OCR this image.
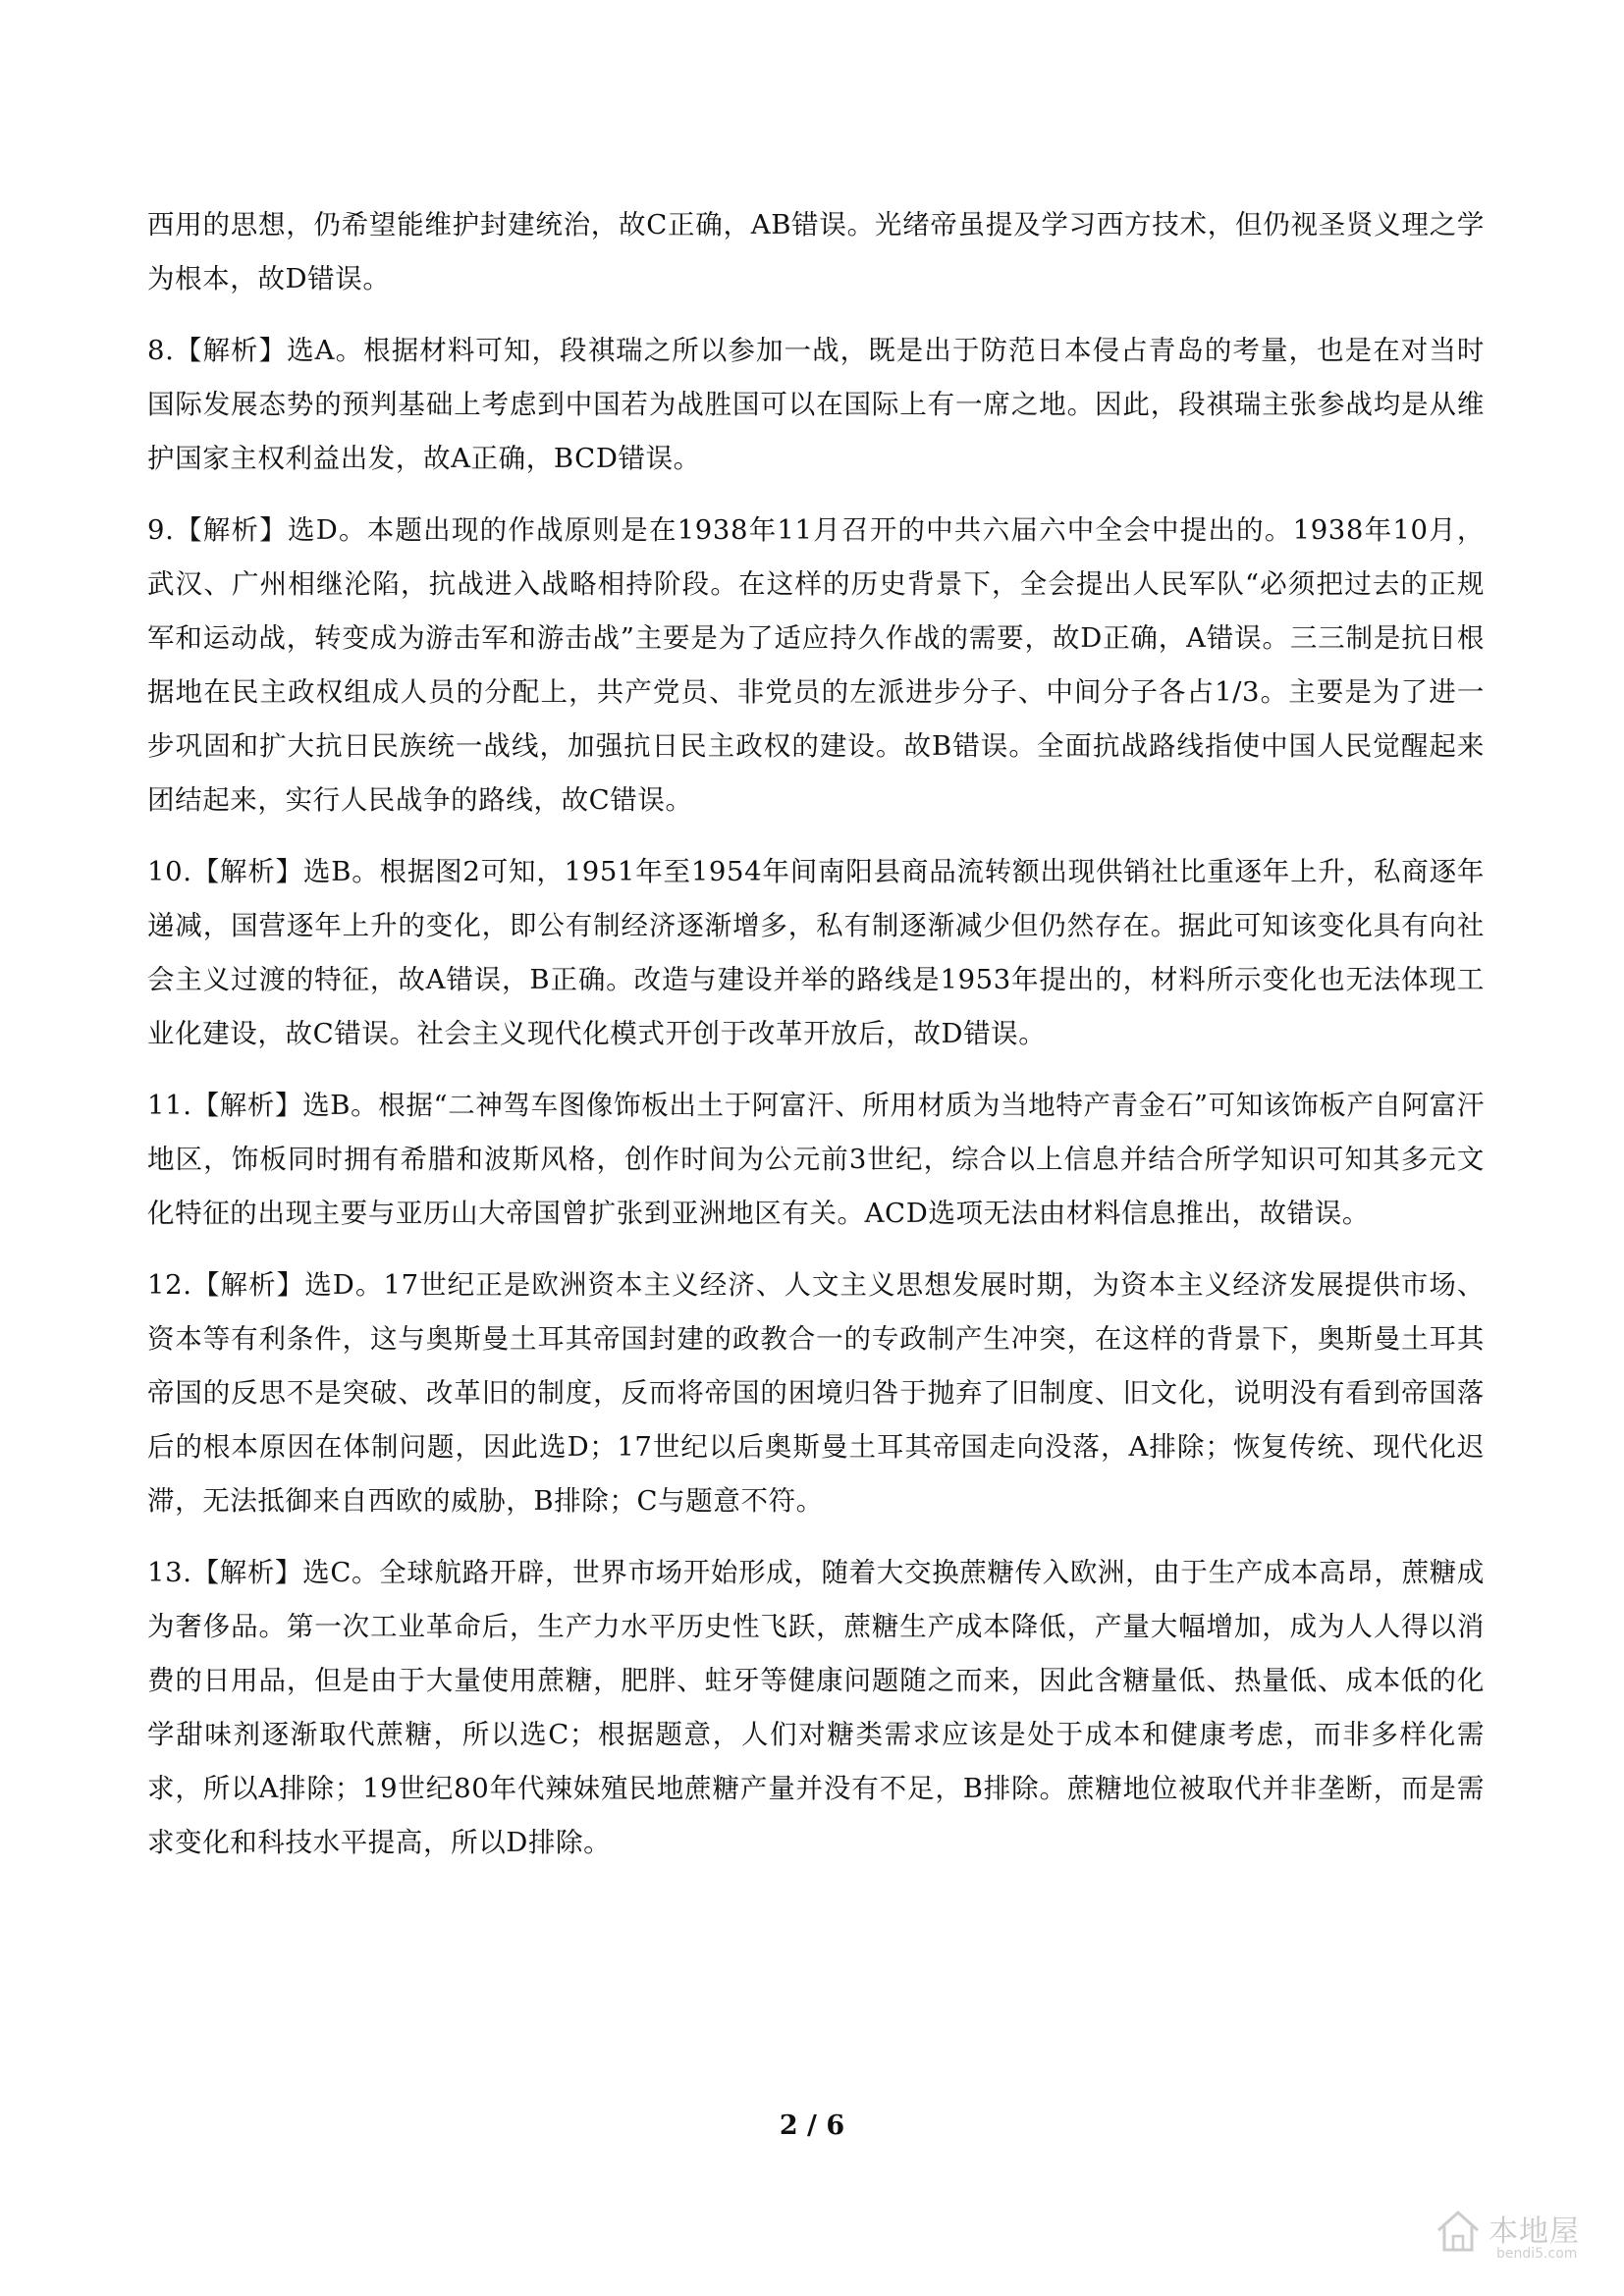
西用的思想，仍希望能维护封建统治，故C正确，AB错误。光绪帝虽提及学习西方技术，但仍视圣贤义理之学为根本，故D错误。

8.【解析】选A。根据材料可知，段祺瑞之所以参加一战，既是出于防范日本侵占青岛的考量，也是在对当时国际发展态势的预判基础上考虑到中国若为战胜国可以在国际上有一席之地。因此，段祺瑞主张参战均是从维护国家主权利益出发，故A正确，BCD错误。

9.【解析】选D。本题出现的作战原则是在1938年11月召开的中共六届六中全会中提出的。1938年10月，武汉、广州相继沦陷，抗战进入战略相持阶段。在这样的历史背景下，全会提出人民军队“必须把过去的正规军和运动战，转变成为游击军和游击战”主要是为了适应持久作战的需要，故D正确，A错误。三三制是抗日根据地在民主政权组成人员的分配上，共产党员、非党员的左派进步分子、中间分子各占1/3。主要是为了进一步巩固和扩大抗日民族统一战线，加强抗日民主政权的建设。故B错误。全面抗战路线指使中国人民觉醒起来团结起来，实行人民战争的路线，故C错误。

10.【解析】选B。根据图2可知，1951年至1954年间南阳县商品流转额出现供销社比重逐年上升，私商逐年递减，国营逐年上升的变化，即公有制经济逐渐增多，私有制逐渐减少但仍然存在。据此可知该变化具有向社会主义过渡的特征，故A错误，B正确。改造与建设并举的路线是1953年提出的，材料所示变化也无法体现工业化建设，故C错误。社会主义现代化模式开创于改革开放后，故D错误。

11.【解析】选B。根据“二神驾车图像饰板出土于阿富汗、所用材质为当地特产青金石”可知该饰板产自阿富汗地区，饰板同时拥有希腊和波斯风格，创作时间为公元前3世纪，综合以上信息并结合所学知识可知其多元文化特征的出现主要与亚历山大帝国曾扩张到亚洲地区有关。ACD选项无法由材料信息推出，故错误。

12.【解析】选D。17世纪正是欧洲资本主义经济、人文主义思想发展时期，为资本主义经济发展提供市场、资本等有利条件，这与奥斯曼土耳其帝国封建的政教合一的专政制产生冲突，在这样的背景下，奥斯曼土耳其帝国的反思不是突破、改革旧的制度，反而将帝国的困境归咎于抛弃了旧制度、旧文化，说明没有看到帝国落后的根本原因在体制问题，因此选D；17世纪以后奥斯曼土耳其帝国走向没落，A排除；恢复传统、现代化迟滞，无法抵御来自西欧的威胁，B排除；C与题意不符。

13.【解析】选C。全球航路开辟，世界市场开始形成，随着大交换蔗糖传入欧洲，由于生产成本高昂，蔗糖成为奢侈品。第一次工业革命后，生产力水平历史性飞跃，蔗糖生产成本降低，产量大幅增加，成为人人得以消费的日用品，但是由于大量使用蔗糖，肥胖、蛀牙等健康问题随之而来，因此含糖量低、热量低、成本低的化学甜味剂逐渐取代蔗糖，所以选C；根据题意，人们对糖类需求应该是处于成本和健康考虑，而非多样化需求，所以A排除；19世纪80年代辣妹殖民地蔗糖产量并没有不足，B排除。蔗糖地位被取代并非垄断，而是需求变化和科技水平提高，所以D排除。

2 / 6
本地屋
bendi5.com
